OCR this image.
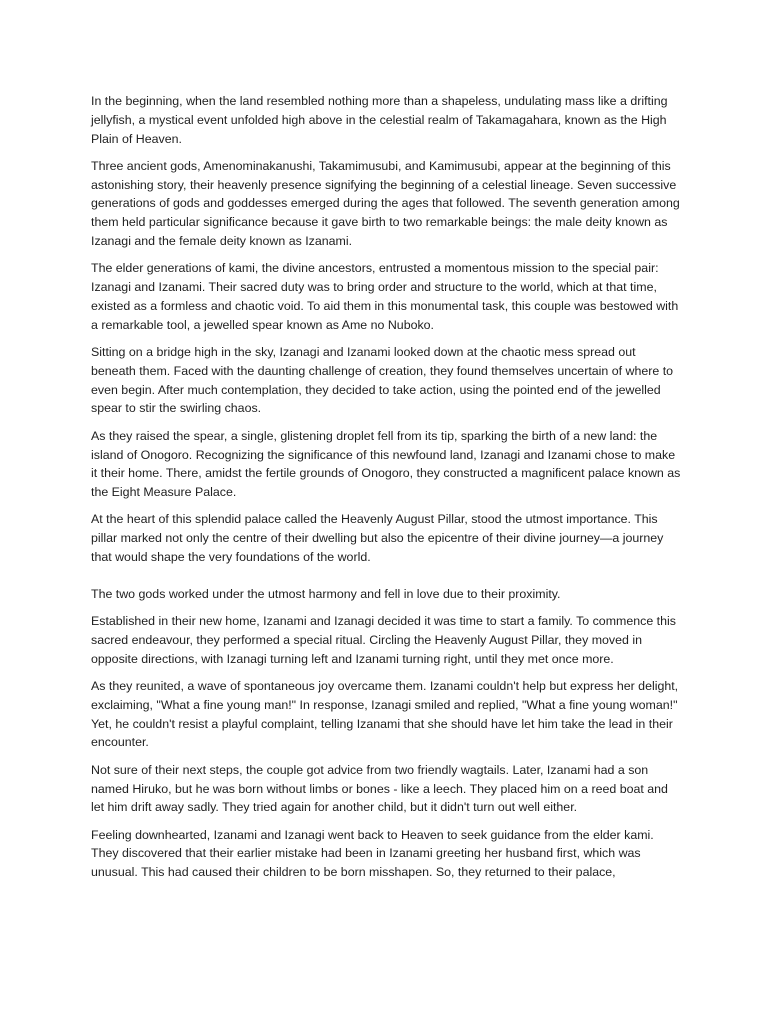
In the beginning, when the land resembled nothing more than a shapeless, undulating mass like a drifting jellyfish, a mystical event unfolded high above in the celestial realm of Takamagahara, known as the High Plain of Heaven.

Three ancient gods, Amenominakanushi, Takamimusubi, and Kamimusubi, appear at the beginning of this astonishing story, their heavenly presence signifying the beginning of a celestial lineage. Seven successive generations of gods and goddesses emerged during the ages that followed. The seventh generation among them held particular significance because it gave birth to two remarkable beings: the male deity known as Izanagi and the female deity known as Izanami.

The elder generations of kami, the divine ancestors, entrusted a momentous mission to the special pair: Izanagi and Izanami. Their sacred duty was to bring order and structure to the world, which at that time, existed as a formless and chaotic void. To aid them in this monumental task, this couple was bestowed with a remarkable tool, a jewelled spear known as Ame no Nuboko.

Sitting on a bridge high in the sky, Izanagi and Izanami looked down at the chaotic mess spread out beneath them. Faced with the daunting challenge of creation, they found themselves uncertain of where to even begin. After much contemplation, they decided to take action, using the pointed end of the jewelled spear to stir the swirling chaos.

As they raised the spear, a single, glistening droplet fell from its tip, sparking the birth of a new land: the island of Onogoro. Recognizing the significance of this newfound land, Izanagi and Izanami chose to make it their home. There, amidst the fertile grounds of Onogoro, they constructed a magnificent palace known as the Eight Measure Palace.

At the heart of this splendid palace called the Heavenly August Pillar, stood the utmost importance. This pillar marked not only the centre of their dwelling but also the epicentre of their divine journey—a journey that would shape the very foundations of the world.

The two gods worked under the utmost harmony and fell in love due to their proximity.

Established in their new home, Izanami and Izanagi decided it was time to start a family. To commence this sacred endeavour, they performed a special ritual. Circling the Heavenly August Pillar, they moved in opposite directions, with Izanagi turning left and Izanami turning right, until they met once more.

As they reunited, a wave of spontaneous joy overcame them. Izanami couldn't help but express her delight, exclaiming, "What a fine young man!" In response, Izanagi smiled and replied, "What a fine young woman!" Yet, he couldn't resist a playful complaint, telling Izanami that she should have let him take the lead in their encounter.

Not sure of their next steps, the couple got advice from two friendly wagtails. Later, Izanami had a son named Hiruko, but he was born without limbs or bones - like a leech. They placed him on a reed boat and let him drift away sadly. They tried again for another child, but it didn't turn out well either.

Feeling downhearted, Izanami and Izanagi went back to Heaven to seek guidance from the elder kami. They discovered that their earlier mistake had been in Izanami greeting her husband first, which was unusual. This had caused their children to be born misshapen. So, they returned to their palace,
